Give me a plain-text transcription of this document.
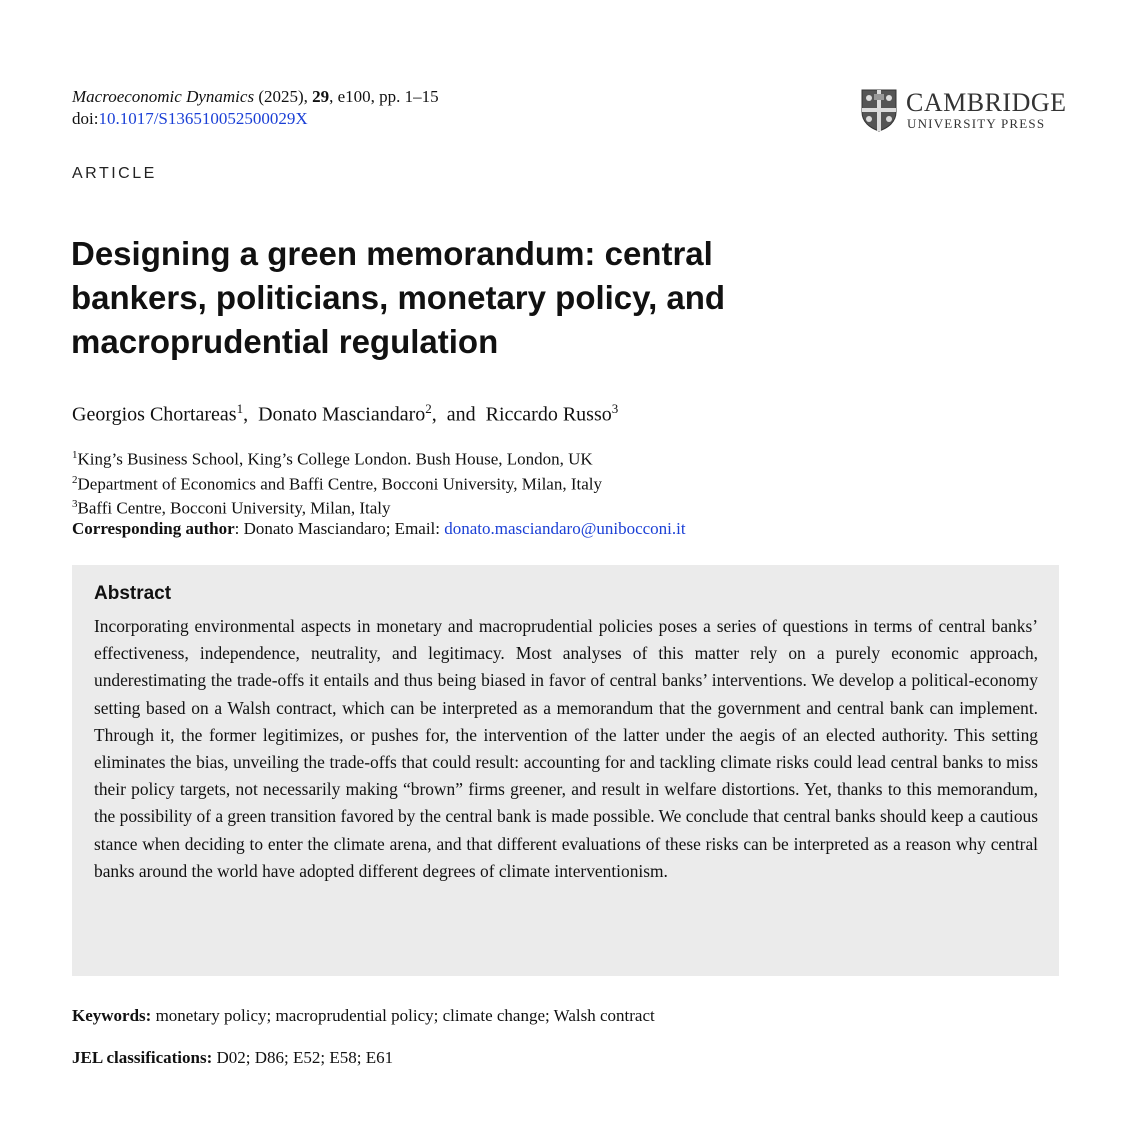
Macroeconomic Dynamics (2025), 29, e100, pp. 1–15
doi:10.1017/S136510052500029X
CAMBRIDGE
UNIVERSITY PRESS
ARTICLE
Designing a green memorandum: central bankers, politicians, monetary policy, and macroprudential regulation
Georgios Chortareas$^1$,  Donato Masciandaro$^2$,  and  Riccardo Russo$^3$
$^1$King’s Business School, King’s College London. Bush House, London, UK
$^2$Department of Economics and Baffi Centre, Bocconi University, Milan, Italy
$^3$Baffi Centre, Bocconi University, Milan, Italy
Corresponding author: Donato Masciandaro; Email: donato.masciandaro@unibocconi.it
Abstract
Incorporating environmental aspects in monetary and macroprudential policies poses a series of questions in terms of central banks’ effectiveness, independence, neutrality, and legitimacy. Most analyses of this matter rely on a purely economic approach, underestimating the trade-offs it entails and thus being biased in favor of central banks’ interventions. We develop a political-economy setting based on a Walsh contract, which can be interpreted as a memorandum that the government and central bank can implement. Through it, the former legitimizes, or pushes for, the intervention of the latter under the aegis of an elected authority. This setting eliminates the bias, unveiling the trade-offs that could result: accounting for and tackling climate risks could lead central banks to miss their policy targets, not necessarily making “brown” firms greener, and result in welfare distortions. Yet, thanks to this memorandum, the possibility of a green transition favored by the central bank is made possible. We conclude that central banks should keep a cautious stance when deciding to enter the climate arena, and that different evaluations of these risks can be interpreted as a reason why central banks around the world have adopted different degrees of climate interventionism.
Keywords: monetary policy; macroprudential policy; climate change; Walsh contract
JEL classifications: D02; D86; E52; E58; E61
